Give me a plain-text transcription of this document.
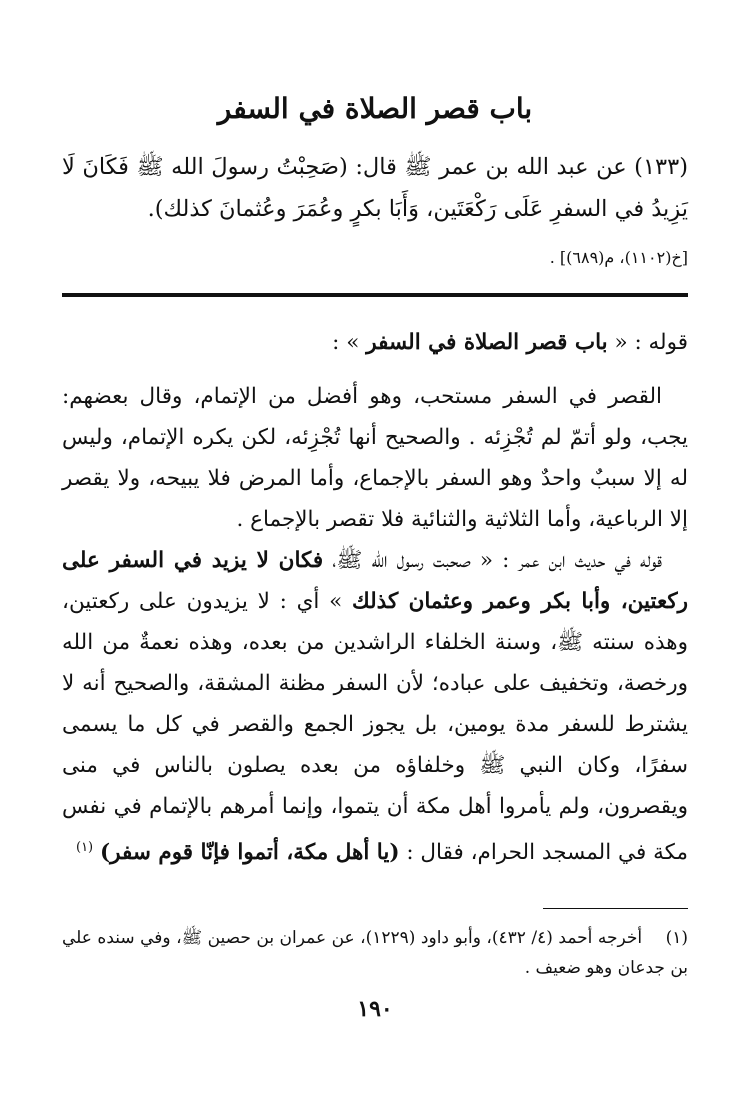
باب قصر الصلاة في السفر
(١٣٣) عن عبد الله بن عمر ﷺ قال: (صَحِبْتُ رسولَ الله ﷺ فَكَانَ لَا يَزِيدُ في السفرِ عَلَى رَكْعَتَين، وَأَبَا بكرٍ وعُمَرَ وعُثمانَ كذلك).
[خ(١١٠٢)، م(٦٨٩)] .

قوله : « باب قصر الصلاة في السفر » :

القصر في السفر مستحب، وهو أفضل من الإتمام، وقال بعضهم: يجب، ولو أتمّ لم تُجْزِئه . والصحيح أنها تُجْزِئه، لكن يكره الإتمام، وليس له إلا سببٌ واحدٌ وهو السفر بالإجماع، وأما المرض فلا يبيحه، ولا يقصر إلا الرباعية، وأما الثلاثية والثنائية فلا تقصر بالإجماع .

قوله في حديث ابن عمر : « صحبت رسول الله ﷺ، فكان لا يزيد في السفر على ركعتين، وأبا بكر وعمر وعثمان كذلك » أي : لا يزيدون على ركعتين، وهذه سنته ﷺ، وسنة الخلفاء الراشدين من بعده، وهذه نعمةٌ من الله ورخصة، وتخفيف على عباده؛ لأن السفر مظنة المشقة، والصحيح أنه لا يشترط للسفر مدة يومين، بل يجوز الجمع والقصر في كل ما يسمى سفرًا، وكان النبي ﷺ وخلفاؤه من بعده يصلون بالناس في منى ويقصرون، ولم يأمروا أهل مكة أن يتموا، وإنما أمرهم بالإتمام في نفس مكة في المسجد الحرام، فقال : (يا أهل مكة، أتموا فإنّا قوم سفر) $^{(١)}$

(١) أخرجه أحمد (٤/ ٤٣٢)، وأبو داود (١٢٢٩)، عن عمران بن حصين ﷺ، وفي سنده علي بن جدعان وهو ضعيف .
١٩٠
